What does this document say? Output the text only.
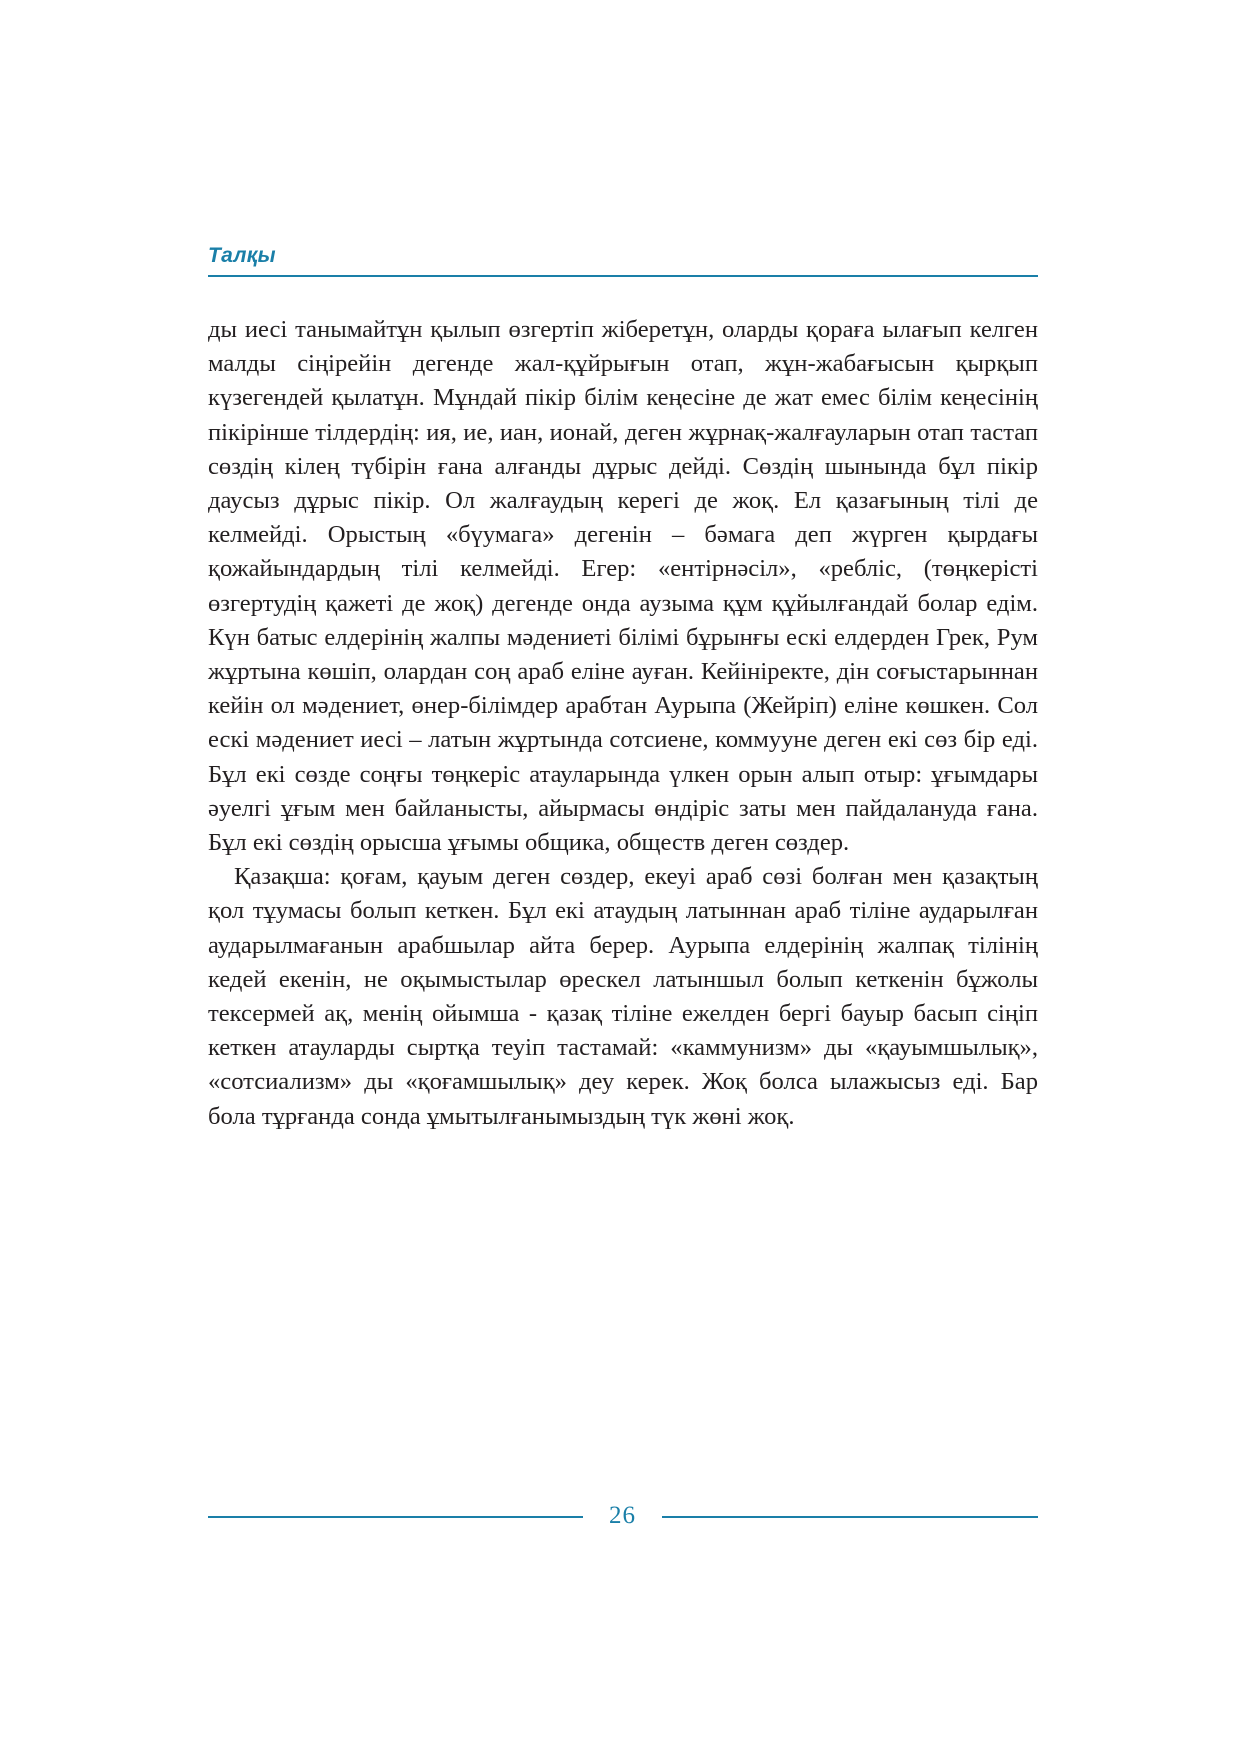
Талқы

ды иесі танымайтұн қылып өзгертіп жіберетұн, оларды қораға ылағып келген малды сіңірейін дегенде жал-құйрығын отап, жұн-жабағысын қырқып күзегендей қылатұн. Мұндай пікір білім кеңесіне де жат емес білім кеңесінің пікірінше тілдердің: ия, ие, иан, ионай, деген жұрнақ-жалғауларын отап тастап сөздің кілең түбірін ғана алғанды дұрыс дейді. Сөздің шынында бұл пікір даусыз дұрыс пікір. Ол жалғаудың керегі де жоқ. Ел қазағының тілі де келмейді. Орыстың «бүумага» дегенін – бәмага деп жүрген қырдағы қожайындардың тілі келмейді. Егер: «ентірнәсіл», «ребліс, (төңкерісті өзгертудің қажеті де жоқ) дегенде онда аузыма құм құйылғандай болар едім. Күн батыс елдерінің жалпы мәдениеті білімі бұрынғы ескі елдерден Грек, Рум жұртына көшіп, олардан соң араб еліне ауған. Кейініректе, дін соғыстарыннан кейін ол мәдениет, өнер-білімдер арабтан Аурыпа (Жейріп) еліне көшкен. Сол ескі мәдениет иесі – латын жұртында сотсиене, коммууне деген екі сөз бір еді. Бұл екі сөзде соңғы төңкеріс атауларында үлкен орын алып отыр: ұғымдары әуелгі ұғым мен байланысты, айырмасы өндіріс заты мен пайдалануда ғана. Бұл екі сөздің орысша ұғымы общика, обществ деген сөздер.

Қазақша: қоғам, қауым деген сөздер, екеуі араб сөзі болған мен қазақтың қол тұумасы болып кеткен. Бұл екі атаудың латыннан араб тіліне аударылған аударылмағанын арабшылар айта берер. Аурыпа елдерінің жалпақ тілінің кедей екенін, не оқымыстылар өрескел латыншыл болып кеткенін бұжолы тексермей ақ, менің ойымша - қазақ тіліне ежелден бергі бауыр басып сіңіп кеткен атауларды сыртқа теуіп тастамай: «каммунизм» ды «қауымшылық», «сотсиализм» ды «қоғамшылық» деу керек. Жоқ болса ылажысыз еді. Бар бола тұрғанда сонда ұмытылғанымыздың түк жөні жоқ.

26
